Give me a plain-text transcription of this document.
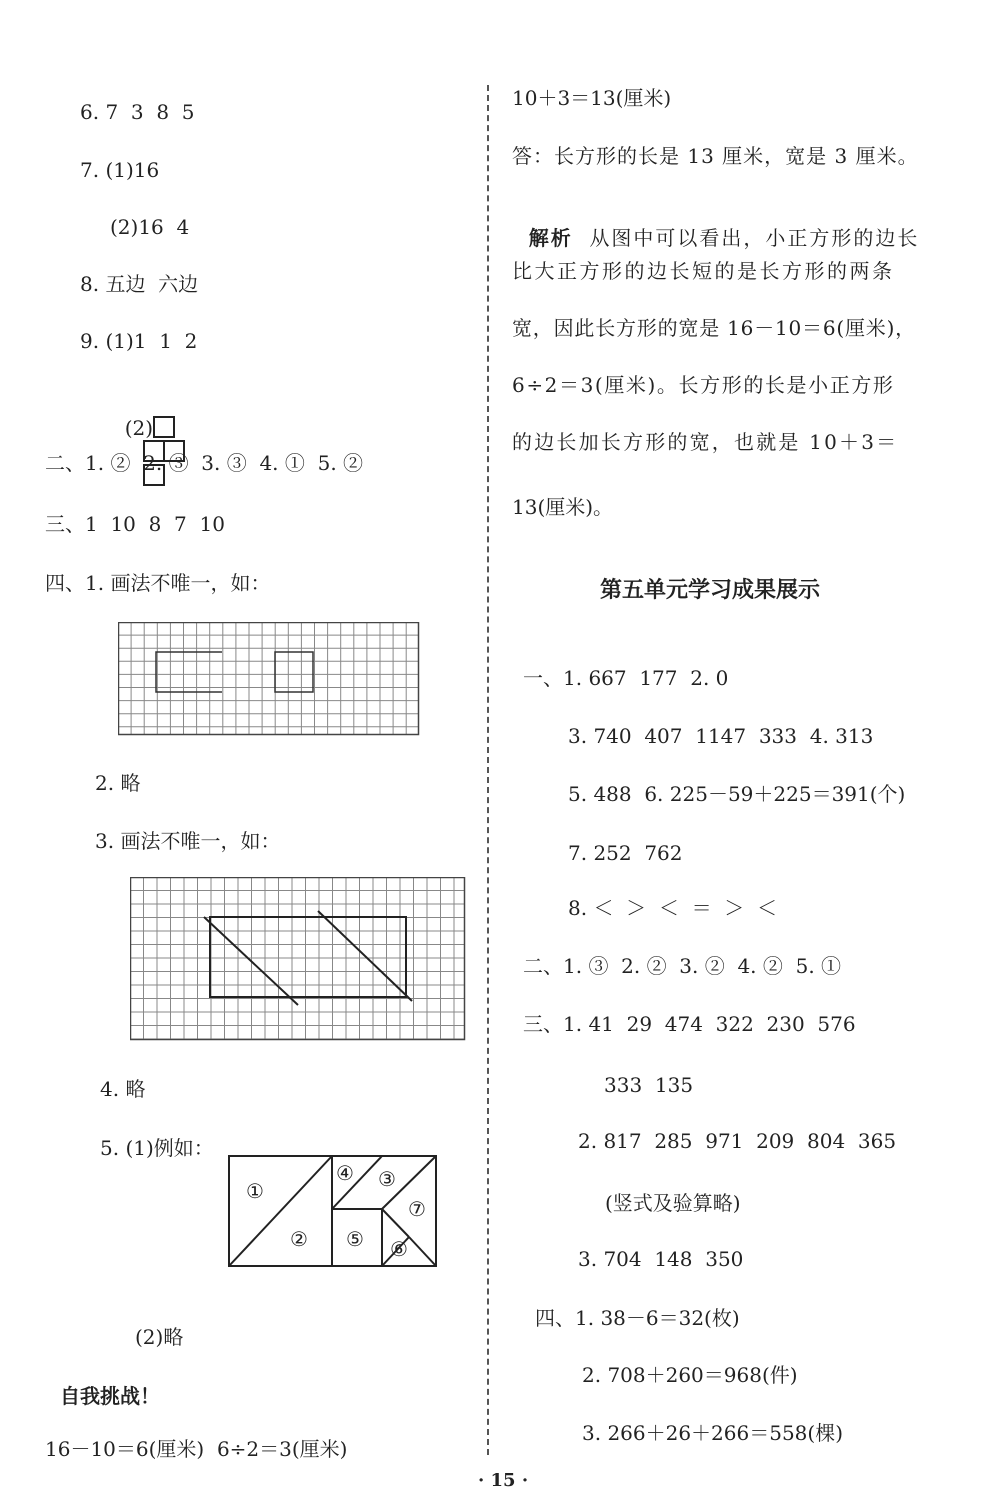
6. 7  3  8  5
7. (1)16
(2)16  4
8. 五边  六边
9. (1)1  1  2

(2)

二、1. ②  2. ③  3. ③  4. ①  5. ②
三、1  10  8  7  10
四、1. 画法不唯一，如：
2. 略
3. 画法不唯一，如：
4. 略
5. (1)例如：
①
②
③
④
⑤ ⑥
⑦
(2)略
自我挑战！
16－10＝6(厘米)  6÷2＝3(厘米)
10＋3＝13(厘米)
答：长方形的长是 13 厘米，宽是 3 厘米。

解析 从图中可以看出，小正方形的边长

比大正方形的边长短的是长方形的两条
宽，因此长方形的宽是 16－10＝6(厘米)，
6÷2＝3(厘米)。长方形的长是小正方形
的边长加长方形的宽，也就是 10＋3＝
13(厘米)。
第五单元学习成果展示
一、1. 667  177  2. 0
3. 740  407  1147  333  4. 313
5. 488  6. 225－59＋225＝391(个)
7. 252  762
8. ＜  ＞  ＜  ＝  ＞  ＜
二、1. ③  2. ②  3. ②  4. ②  5. ①
三、1. 41  29  474  322  230  576
333  135
2. 817  285  971  209  804  365
(竖式及验算略)
3. 704  148  350
四、1. 38－6＝32(枚)
2. 708＋260＝968(件)
3. 266＋26＋266＝558(棵)
· 15 ·
